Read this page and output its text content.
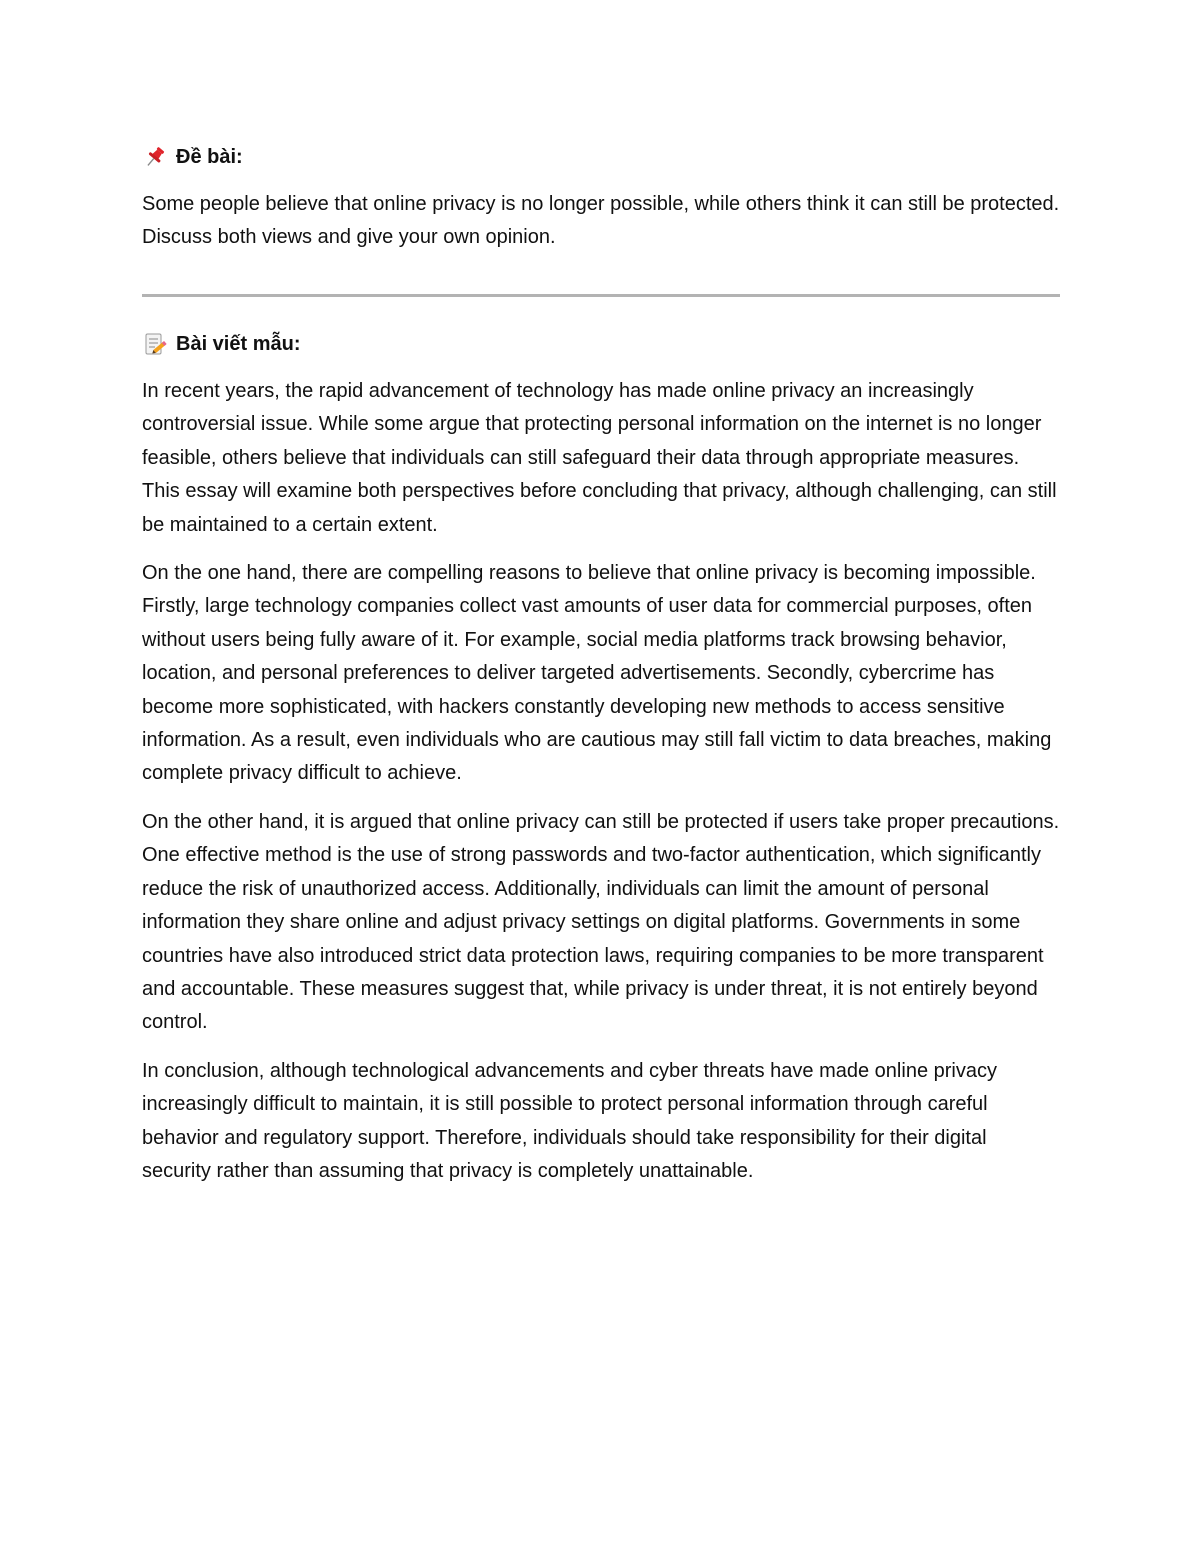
Đề bài:

Some people believe that online privacy is no longer possible, while others think it can still be protected.

Discuss both views and give your own opinion.

Bài viết mẫu:

In recent years, the rapid advancement of technology has made online privacy an increasingly controversial issue. While some argue that protecting personal information on the internet is no longer feasible, others believe that individuals can still safeguard their data through appropriate measures. This essay will examine both perspectives before concluding that privacy, although challenging, can still be maintained to a certain extent.

On the one hand, there are compelling reasons to believe that online privacy is becoming impossible. Firstly, large technology companies collect vast amounts of user data for commercial purposes, often without users being fully aware of it. For example, social media platforms track browsing behavior, location, and personal preferences to deliver targeted advertisements. Secondly, cybercrime has become more sophisticated, with hackers constantly developing new methods to access sensitive information. As a result, even individuals who are cautious may still fall victim to data breaches, making complete privacy difficult to achieve.

On the other hand, it is argued that online privacy can still be protected if users take proper precautions. One effective method is the use of strong passwords and two-factor authentication, which significantly reduce the risk of unauthorized access. Additionally, individuals can limit the amount of personal information they share online and adjust privacy settings on digital platforms. Governments in some countries have also introduced strict data protection laws, requiring companies to be more transparent and accountable. These measures suggest that, while privacy is under threat, it is not entirely beyond control.

In conclusion, although technological advancements and cyber threats have made online privacy increasingly difficult to maintain, it is still possible to protect personal information through careful behavior and regulatory support. Therefore, individuals should take responsibility for their digital security rather than assuming that privacy is completely unattainable.
